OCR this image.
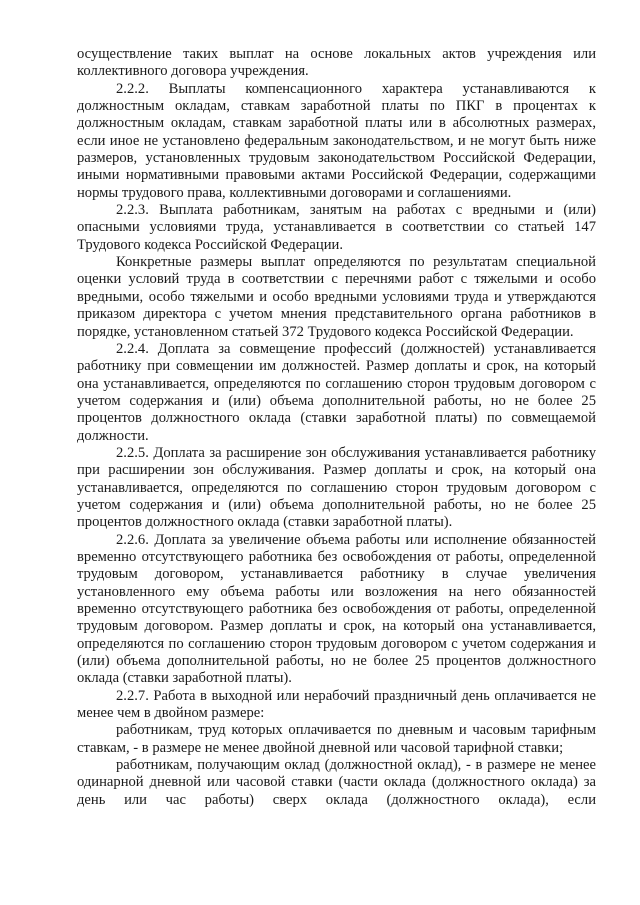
осуществление таких выплат на основе локальных актов учреждения или коллективного договора учреждения.

2.2.2. Выплаты компенсационного характера устанавливаются к должностным окладам, ставкам заработной платы по ПКГ в процентах к должностным окладам, ставкам заработной платы или в абсолютных размерах, если иное не установлено федеральным законодательством, и не могут быть ниже размеров, установленных трудовым законодательством Российской Федерации, иными нормативными правовыми актами Российской Федерации, содержащими нормы трудового права, коллективными договорами и соглашениями.

2.2.3. Выплата работникам, занятым на работах с вредными и (или) опасными условиями труда, устанавливается в соответствии со статьей 147 Трудового кодекса Российской Федерации.

Конкретные размеры выплат определяются по результатам специальной оценки условий труда в соответствии с перечнями работ с тяжелыми и особо вредными, особо тяжелыми и особо вредными условиями труда и утверждаются приказом директора с учетом мнения представительного органа работников в порядке, установленном статьей 372 Трудового кодекса Российской Федерации.

2.2.4. Доплата за совмещение профессий (должностей) устанавливается работнику при совмещении им должностей. Размер доплаты и срок, на который она устанавливается, определяются по соглашению сторон трудовым договором с учетом содержания и (или) объема дополнительной работы, но не более 25 процентов должностного оклада (ставки заработной платы) по совмещаемой должности.

2.2.5. Доплата за расширение зон обслуживания устанавливается работнику при расширении зон обслуживания. Размер доплаты и срок, на который она устанавливается, определяются по соглашению сторон трудовым договором с учетом содержания и (или) объема дополнительной работы, но не более 25 процентов должностного оклада (ставки заработной платы).

2.2.6. Доплата за увеличение объема работы или исполнение обязанностей временно отсутствующего работника без освобождения от работы, определенной трудовым договором, устанавливается работнику в случае увеличения установленного ему объема работы или возложения на него обязанностей временно отсутствующего работника без освобождения от работы, определенной трудовым договором. Размер доплаты и срок, на который она устанавливается, определяются по соглашению сторон трудовым договором с учетом содержания и (или) объема дополнительной работы, но не более 25 процентов должностного оклада (ставки заработной платы).

2.2.7. Работа в выходной или нерабочий праздничный день оплачивается не менее чем в двойном размере:

работникам, труд которых оплачивается по дневным и часовым тарифным ставкам, - в размере не менее двойной дневной или часовой тарифной ставки;

работникам, получающим оклад (должностной оклад), - в размере не менее одинарной дневной или часовой ставки (части оклада (должностного оклада) за день или час работы) сверх оклада (должностного оклада), если
